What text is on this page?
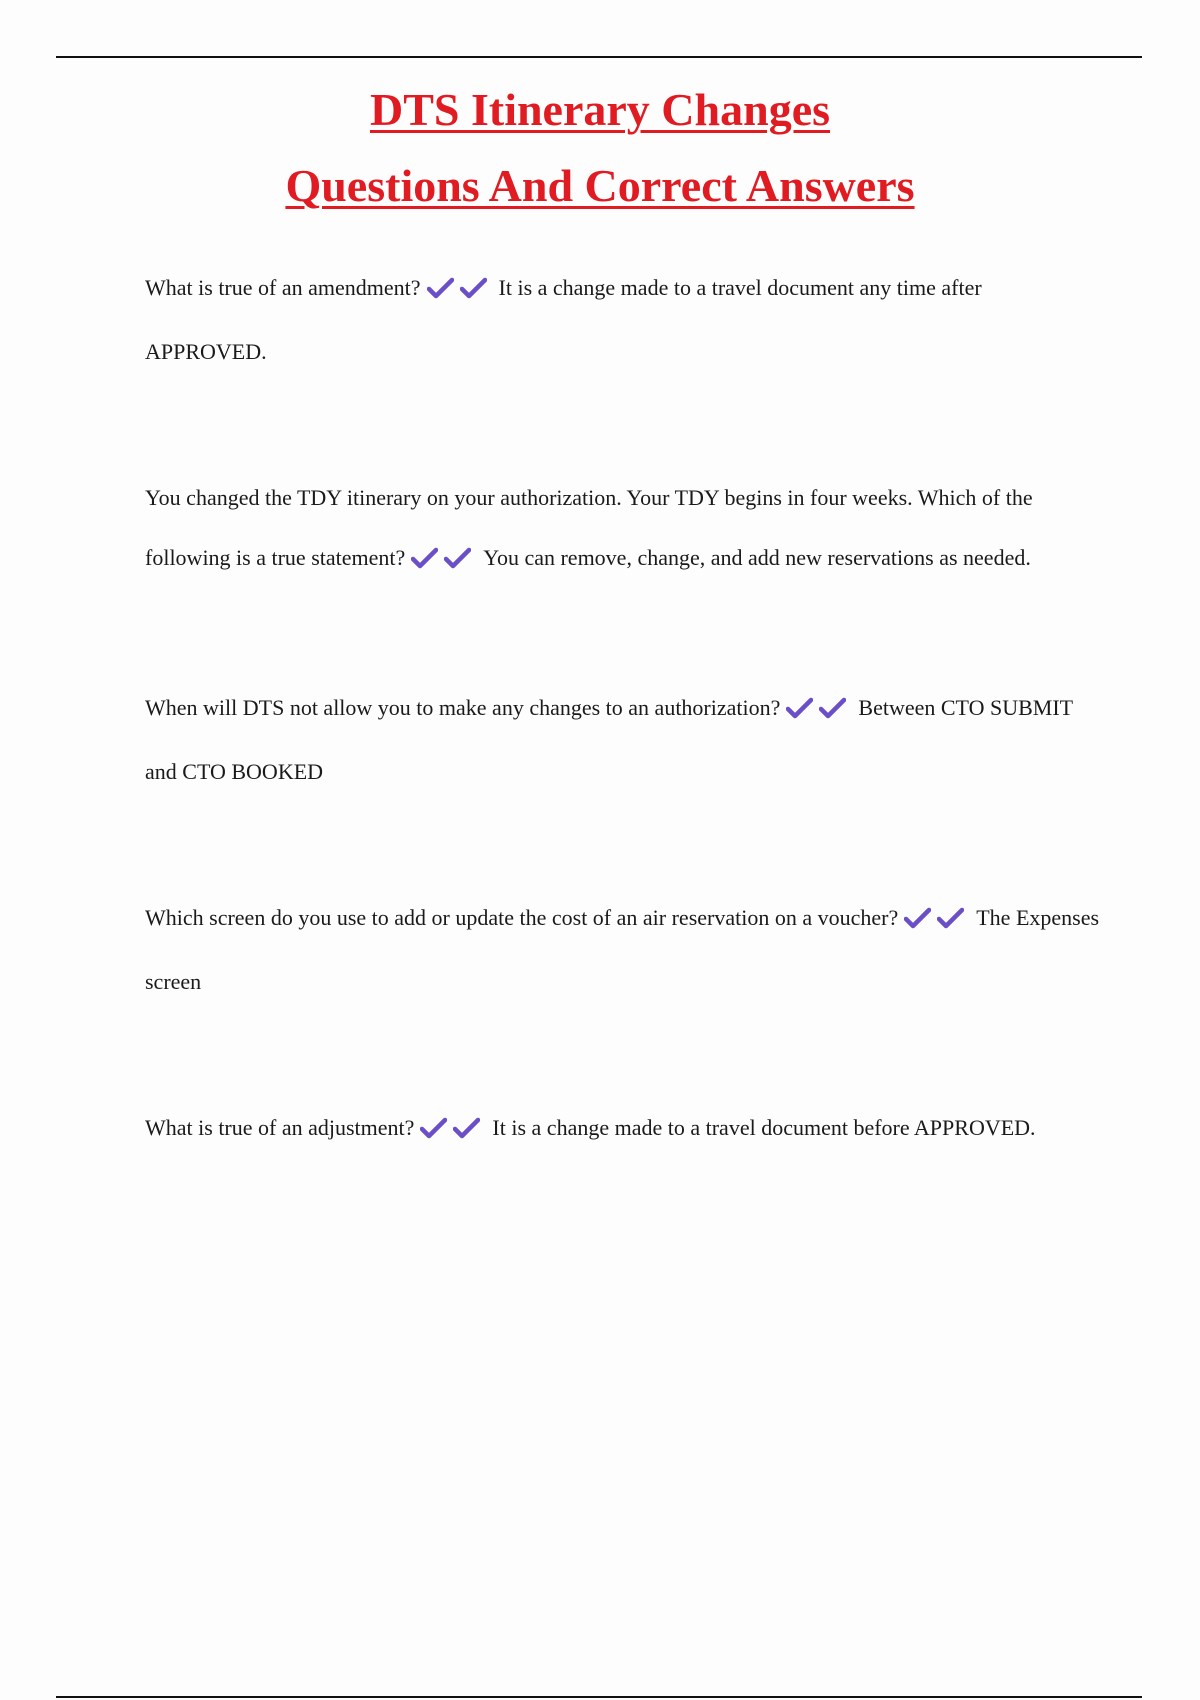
DTS Itinerary Changes
Questions And Correct Answers

What is true of an amendment?	It is a change made to a travel document any time after APPROVED.

You changed the TDY itinerary on your authorization. Your TDY begins in four weeks. Which of the following is a true statement?	You can remove, change, and add new reservations as needed.

When will DTS not allow you to make any changes to an authorization?	Between CTO SUBMIT and CTO BOOKED

Which screen do you use to add or update the cost of an air reservation on a voucher?	The Expenses screen

What is true of an adjustment?	It is a change made to a travel document before APPROVED.
